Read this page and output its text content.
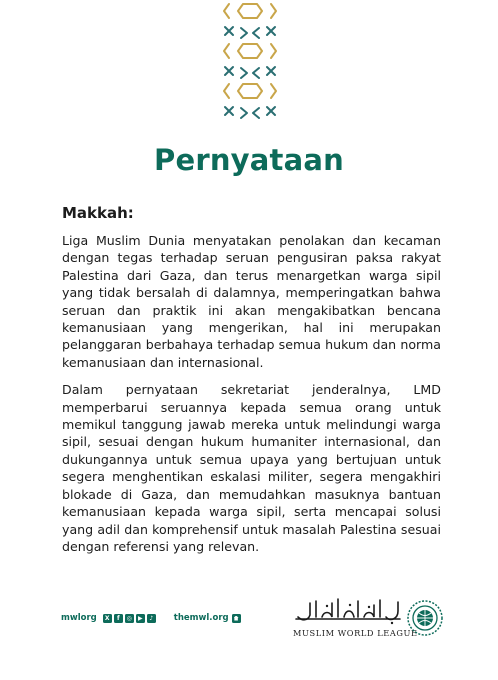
Pernyataan
Makkah:

Liga Muslim Dunia menyatakan penolakan dan kecaman dengan tegas terhadap seruan pengusiran paksa rakyat Palestina dari Gaza, dan terus menargetkan warga sipil yang tidak bersalah di dalamnya, memperingatkan bahwa seruan dan praktik ini akan mengakibatkan bencana kemanusiaan yang mengerikan, hal ini merupakan pelanggaran berbahaya terhadap semua hukum dan norma kemanusiaan dan internasional.

Dalam pernyataan sekretariat jenderalnya, LMD memperbarui seruannya kepada semua orang untuk memikul tanggung jawab mereka untuk melindungi warga sipil, sesuai dengan hukum humaniter internasional, dan dukungannya untuk semua upaya yang bertujuan untuk segera menghentikan eskalasi militer, segera mengakhiri blokade di Gaza, dan memudahkan masuknya bantuan kemanusiaan kepada warga sipil, serta mencapai solusi yang adil dan komprehensif untuk masalah Palestina sesuai dengan referensi yang relevan.

mwlorg	X	f	◎	▶	♪	themwl.org
MUSLIM WORLD LEAGUE
